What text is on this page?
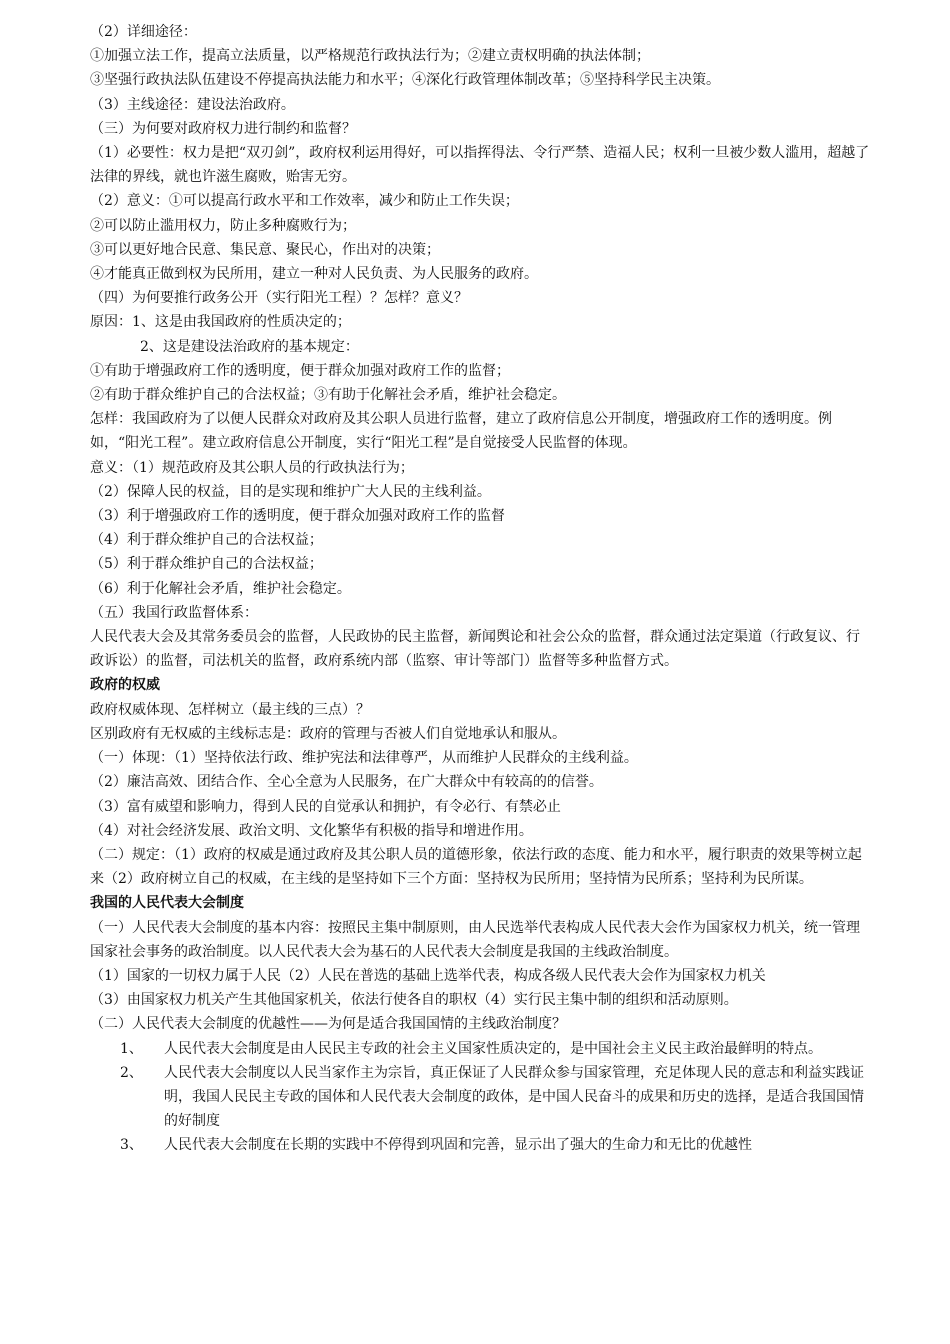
（2）详细途径：

①加强立法工作，提高立法质量，以严格规范行政执法行为；②建立责权明确的执法体制；

③坚强行政执法队伍建设不停提高执法能力和水平；④深化行政管理体制改革；⑤坚持科学民主决策。

（3）主线途径：建设法治政府。

（三）为何要对政府权力进行制约和监督？

（1）必要性：权力是把“双刃剑”，政府权利运用得好，可以指挥得法、令行严禁、造福人民；权利一旦被少数人滥用，超越了法律的界线，就也许滋生腐败，贻害无穷。

（2）意义：①可以提高行政水平和工作效率，减少和防止工作失误；

②可以防止滥用权力，防止多种腐败行为；

③可以更好地合民意、集民意、聚民心，作出对的决策；

④才能真正做到权为民所用，建立一种对人民负责、为人民服务的政府。

（四）为何要推行政务公开（实行阳光工程）？怎样？意义？

原因：1、这是由我国政府的性质决定的；

2、这是建设法治政府的基本规定：

①有助于增强政府工作的透明度，便于群众加强对政府工作的监督；

②有助于群众维护自己的合法权益；③有助于化解社会矛盾，维护社会稳定。

怎样：我国政府为了以便人民群众对政府及其公职人员进行监督，建立了政府信息公开制度，增强政府工作的透明度。例如，“阳光工程”。建立政府信息公开制度，实行“阳光工程”是自觉接受人民监督的体现。

意义：（1）规范政府及其公职人员的行政执法行为；

（2）保障人民的权益，目的是实现和维护广大人民的主线利益。

（3）利于增强政府工作的透明度，便于群众加强对政府工作的监督

（4）利于群众维护自己的合法权益；

（5）利于群众维护自己的合法权益；

（6）利于化解社会矛盾，维护社会稳定。

（五）我国行政监督体系：

人民代表大会及其常务委员会的监督，人民政协的民主监督，新闻舆论和社会公众的监督，群众通过法定渠道（行政复议、行政诉讼）的监督，司法机关的监督，政府系统内部（监察、审计等部门）监督等多种监督方式。

政府的权威

政府权威体现、怎样树立（最主线的三点）？

区别政府有无权威的主线标志是：政府的管理与否被人们自觉地承认和服从。

（一）体现：（1）坚持依法行政、维护宪法和法律尊严，从而维护人民群众的主线利益。

（2）廉洁高效、团结合作、全心全意为人民服务，在广大群众中有较高的的信誉。

（3）富有威望和影响力，得到人民的自觉承认和拥护，有令必行、有禁必止

（4）对社会经济发展、政治文明、文化繁华有积极的指导和增进作用。

（二）规定：（1）政府的权威是通过政府及其公职人员的道德形象，依法行政的态度、能力和水平，履行职责的效果等树立起来（2）政府树立自己的权威，在主线的是坚持如下三个方面：坚持权为民所用；坚持情为民所系；坚持利为民所谋。

我国的人民代表大会制度

（一）人民代表大会制度的基本内容：按照民主集中制原则，由人民选举代表构成人民代表大会作为国家权力机关，统一管理国家社会事务的政治制度。以人民代表大会为基石的人民代表大会制度是我国的主线政治制度。

（1）国家的一切权力属于人民（2）人民在普选的基础上选举代表，构成各级人民代表大会作为国家权力机关

（3）由国家权力机关产生其他国家机关，依法行使各自的职权（4）实行民主集中制的组织和活动原则。

（二）人民代表大会制度的优越性——为何是适合我国国情的主线政治制度？

1、	人民代表大会制度是由人民民主专政的社会主义国家性质决定的，是中国社会主义民主政治最鲜明的特点。
2、	人民代表大会制度以人民当家作主为宗旨，真正保证了人民群众参与国家管理，充足体现人民的意志和利益实践证明，我国人民民主专政的国体和人民代表大会制度的政体，是中国人民奋斗的成果和历史的选择，是适合我国国情的好制度
3、	人民代表大会制度在长期的实践中不停得到巩固和完善，显示出了强大的生命力和无比的优越性
